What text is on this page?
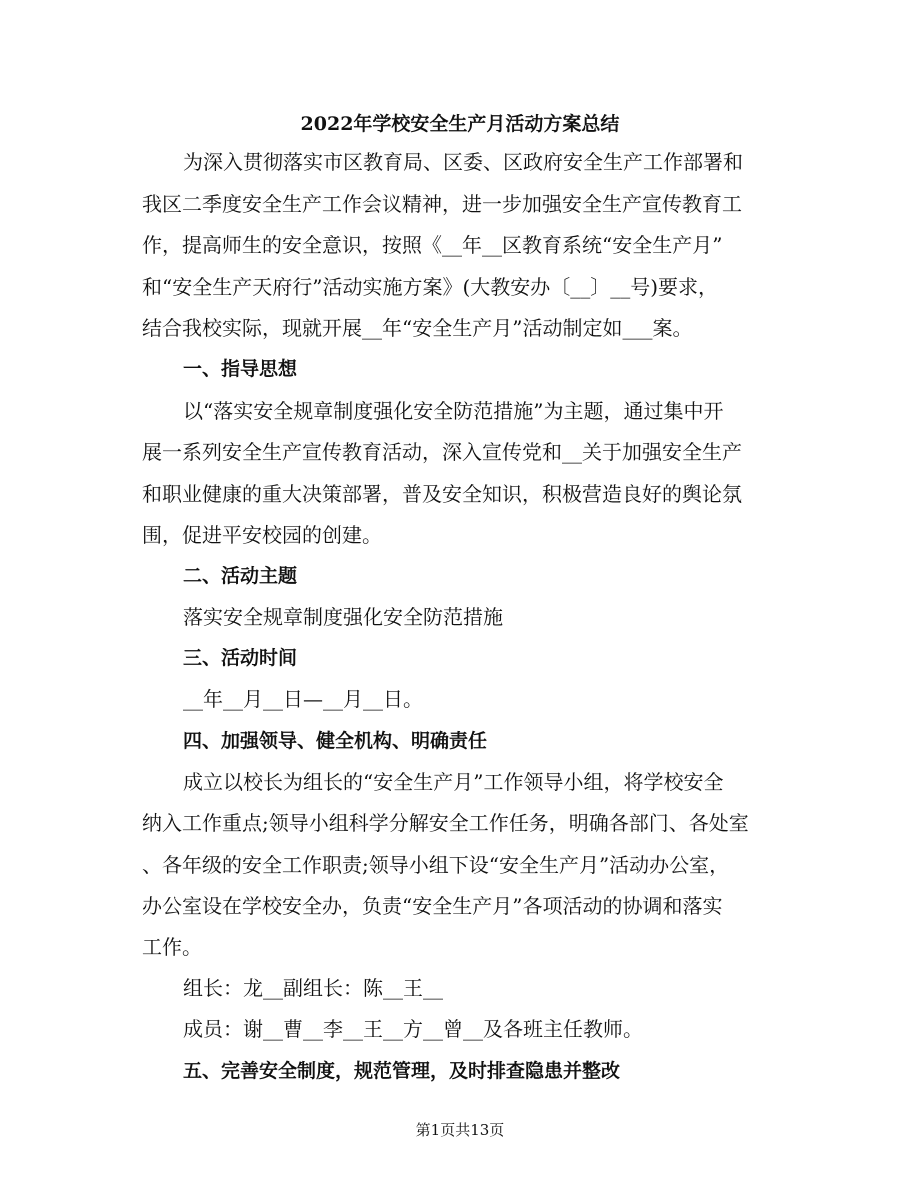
2022年学校安全生产月活动方案总结
为深入贯彻落实市区教育局、区委、区政府安全生产工作部署和
我区二季度安全生产工作会议精神，进一步加强安全生产宣传教育工
作，提高师生的安全意识，按照《__年__区教育系统“安全生产月”
和“安全生产天府行”活动实施方案》(大教安办〔__〕__号)要求，
结合我校实际，现就开展__年“安全生产月”活动制定如___案。
一、指导思想
以“落实安全规章制度强化安全防范措施”为主题，通过集中开
展一系列安全生产宣传教育活动，深入宣传党和__关于加强安全生产
和职业健康的重大决策部署，普及安全知识，积极营造良好的舆论氛
围，促进平安校园的创建。
二、活动主题
落实安全规章制度强化安全防范措施
三、活动时间
__年__月__日—__月__日。
四、加强领导、健全机构、明确责任
成立以校长为组长的“安全生产月”工作领导小组，将学校安全
纳入工作重点;领导小组科学分解安全工作任务，明确各部门、各处室
、各年级的安全工作职责;领导小组下设“安全生产月”活动办公室，
办公室设在学校安全办，负责“安全生产月”各项活动的协调和落实
工作。
组长：龙__副组长：陈__王__
成员：谢__曹__李__王__方__曾__及各班主任教师。
五、完善安全制度，规范管理，及时排查隐患并整改
第1页共13页
